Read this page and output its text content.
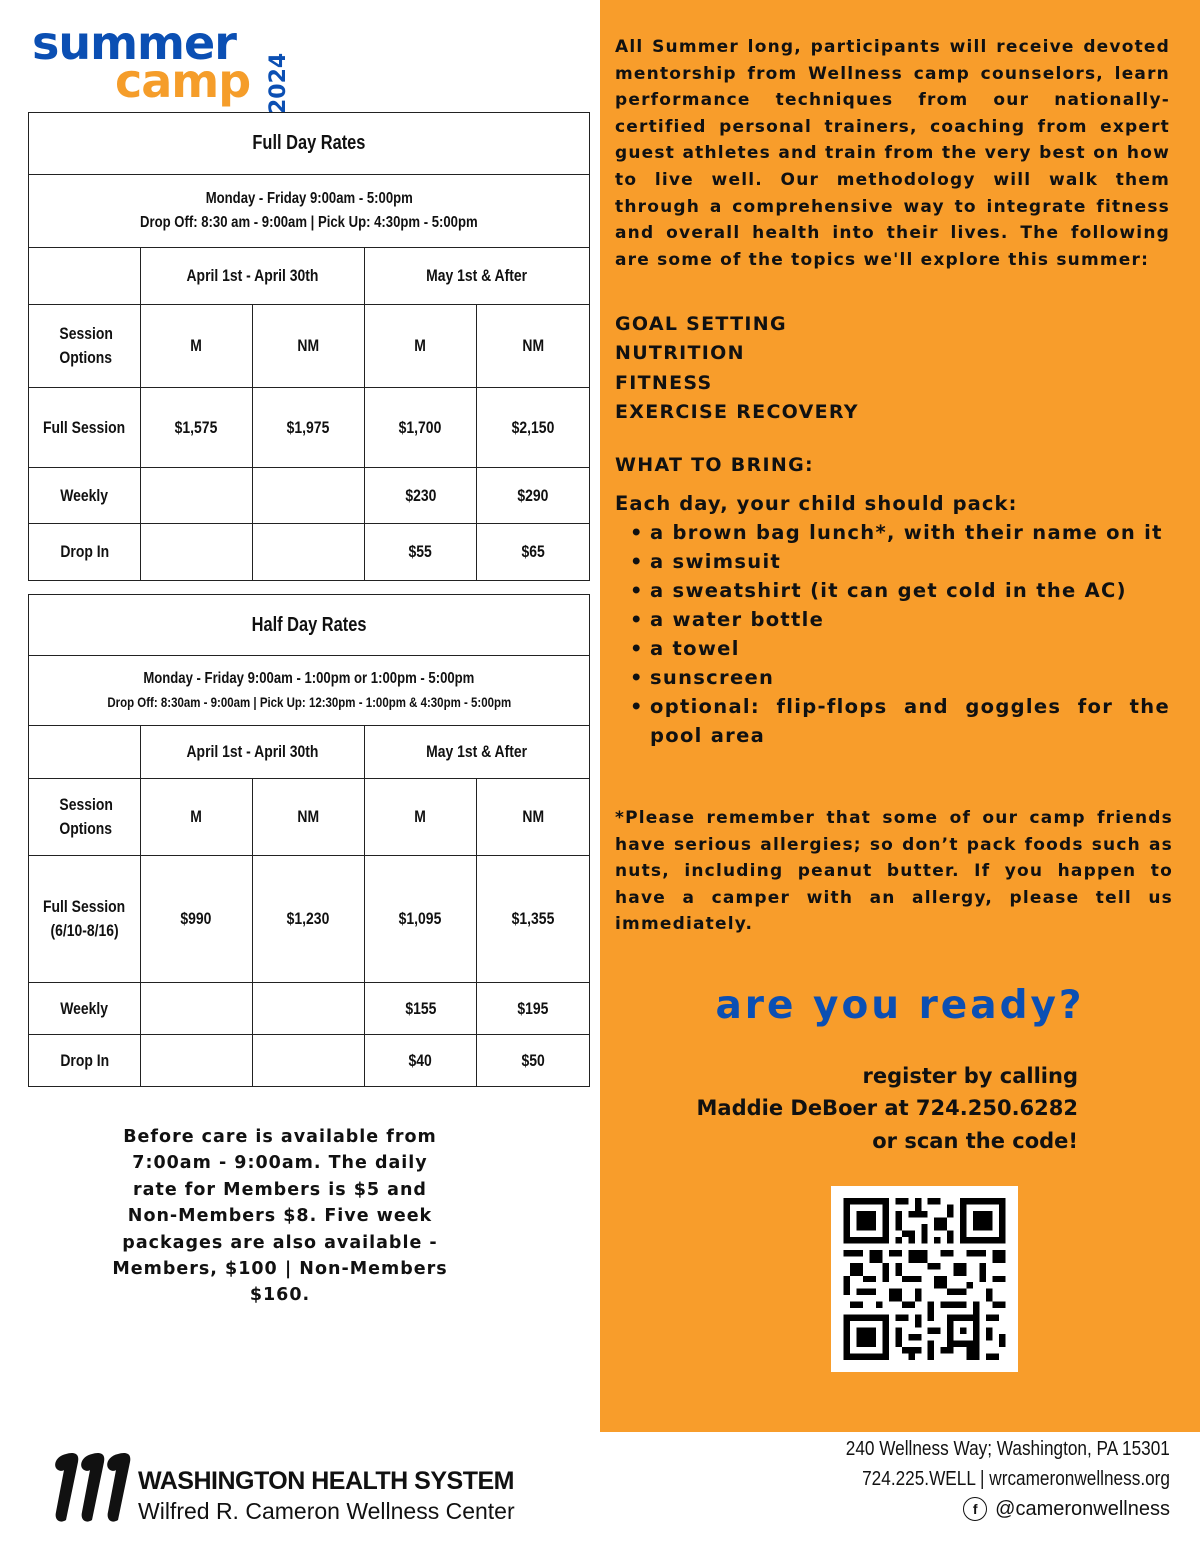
summer
camp 2024
Full Day Rates				
Monday - Friday 9:00am - 5:00pm
Drop Off: 8:30 am - 9:00am | Pick Up: 4:30pm - 5:00pm				
	April 1st - April 30th		May 1st & After	
Session Options	M	NM	M	NM
Full Session	$1,575	$1,975	$1,700	$2,150
Weekly			$230	$290
Drop In			$55	$65
Half Day Rates				
Monday - Friday 9:00am - 1:00pm or 1:00pm - 5:00pm
Drop Off: 8:30am - 9:00am | Pick Up: 12:30pm - 1:00pm & 4:30pm - 5:00pm				
	April 1st - April 30th		May 1st & After	
Session Options	M	NM	M	NM
Full Session
(6/10-8/16)	$990	$1,230	$1,095	$1,355
Weekly			$155	$195
Drop In			$40	$50

Before care is available from 7:00am - 9:00am. The daily rate for Members is $5 and Non-Members $8. Five week packages are also available - Members, $100 | Non-Members $160.

All Summer long, participants will receive devoted mentorship from Wellness camp counselors, learn performance techniques from our nationally-certified personal trainers, coaching from expert guest athletes and train from the very best on how to live well. Our methodology will walk them through a comprehensive way to integrate fitness and overall health into their lives. The following are some of the topics we'll explore this summer:

GOAL SETTING
NUTRITION
FITNESS
EXERCISE RECOVERY
WHAT TO BRING:
Each day, your child should pack:
• a brown bag lunch*, with their name on it
• a swimsuit
• a sweatshirt (it can get cold in the AC)
• a water bottle
• a towel
• sunscreen
• optional: flip-flops and goggles for the pool area

*Please remember that some of our camp friends have serious allergies; so don’t pack foods such as nuts, including peanut butter. If you happen to have a camper with an allergy, please tell us immediately.

are you ready?
register by calling
Maddie DeBoer at 724.250.6282
or scan the code!
WASHINGTON HEALTH SYSTEM
Wilfred R. Cameron Wellness Center
240 Wellness Way; Washington, PA 15301
724.225.WELL | wrcameronwellness.org
f @cameronwellness
